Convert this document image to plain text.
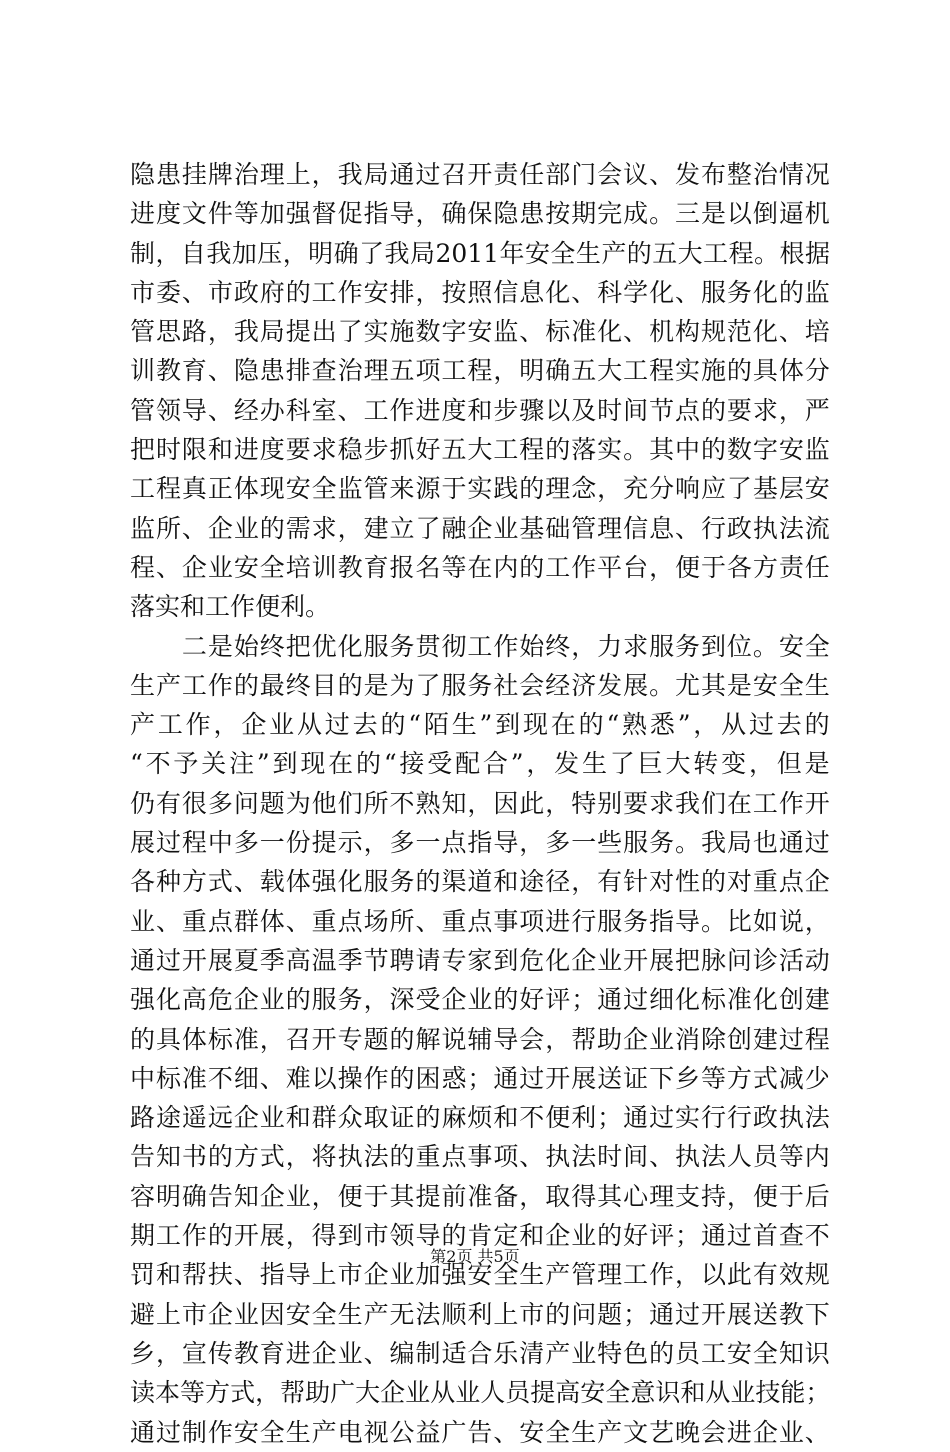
隐 患 挂 牌 治 理 上 ， 我 局 通 过 召 开 责 任 部 门 会 议 、 发 布 整 治 情 况
进 度 文 件 等 加 强 督 促 指 导 ， 确 保 隐 患 按 期 完 成 。 三 是 以 倒 逼 机
制 ， 自 我 加 压 ， 明 确 了 我 局 2011 年 安 全 生 产 的 五 大 工 程 。 根 据
市 委 、 市 政 府 的 工 作 安 排 ， 按 照 信 息 化 、 科 学 化 、 服 务 化 的 监
管 思 路 ， 我 局 提 出 了 实 施 数 字 安 监 、 标 准 化 、 机 构 规 范 化 、 培
训 教 育 、 隐 患 排 查 治 理 五 项 工 程 ， 明 确 五 大 工 程 实 施 的 具 体 分
管 领 导 、 经 办 科 室 、 工 作 进 度 和 步 骤 以 及 时 间 节 点 的 要 求 ， 严
把 时 限 和 进 度 要 求 稳 步 抓 好 五 大 工 程 的 落 实 。 其 中 的 数 字 安 监
工 程 真 正 体 现 安 全 监 管 来 源 于 实 践 的 理 念 ， 充 分 响 应 了 基 层 安
监 所 、 企 业 的 需 求 ， 建 立 了 融 企 业 基 础 管 理 信 息 、 行 政 执 法 流
程 、 企 业 安 全 培 训 教 育 报 名 等 在 内 的 工 作 平 台 ， 便 于 各 方 责 任
落实和工作便利。

二 是 始 终 把 优 化 服 务 贯 彻 工 作 始 终 ， 力 求 服 务 到 位 。 安 全
生 产 工 作 的 最 终 目 的 是 为 了 服 务 社 会 经 济 发 展 。 尤 其 是 安 全 生
产 工 作 ， 企 业 从 过 去 的 “ 陌 生 ” 到 现 在 的 “ 熟 悉 ” ， 从 过 去 的
“ 不 予 关 注 ” 到 现 在 的 “ 接 受 配 合 ” ， 发 生 了 巨 大 转 变 ， 但 是
仍 有 很 多 问 题 为 他 们 所 不 熟 知 ， 因 此 ， 特 别 要 求 我 们 在 工 作 开
展 过 程 中 多 一 份 提 示 ， 多 一 点 指 导 ， 多 一 些 服 务 。 我 局 也 通 过
各 种 方 式 、 载 体 强 化 服 务 的 渠 道 和 途 径 ， 有 针 对 性 的 对 重 点 企
业 、 重 点 群 体 、 重 点 场 所 、 重 点 事 项 进 行 服 务 指 导 。 比 如 说 ，
通 过 开 展 夏 季 高 温 季 节 聘 请 专 家 到 危 化 企 业 开 展 把 脉 问 诊 活 动
强 化 高 危 企 业 的 服 务 ， 深 受 企 业 的 好 评 ； 通 过 细 化 标 准 化 创 建
的 具 体 标 准 ， 召 开 专 题 的 解 说 辅 导 会 ， 帮 助 企 业 消 除 创 建 过 程
中 标 准 不 细 、 难 以 操 作 的 困 惑 ； 通 过 开 展 送 证 下 乡 等 方 式 减 少
路 途 遥 远 企 业 和 群 众 取 证 的 麻 烦 和 不 便 利 ； 通 过 实 行 行 政 执 法
告 知 书 的 方 式 ， 将 执 法 的 重 点 事 项 、 执 法 时 间 、 执 法 人 员 等 内
容 明 确 告 知 企 业 ， 便 于 其 提 前 准 备 ， 取 得 其 心 理 支 持 ， 便 于 后
期 工 作 的 开 展 ， 得 到 市 领 导 的 肯 定 和 企 业 的 好 评 ； 通 过 首 查 不
罚 和 帮 扶 、 指 导 上 市 企 业 加 强 安 全 生 产 管 理 工 作 ， 以 此 有 效 规
避 上 市 企 业 因 安 全 生 产 无 法 顺 利 上 市 的 问 题 ； 通 过 开 展 送 教 下
乡 ， 宣 传 教 育 进 企 业 、 编 制 适 合 乐 清 产 业 特 色 的 员 工 安 全 知 识
读 本 等 方 式 ， 帮 助 广 大 企 业 从 业 人 员 提 高 安 全 意 识 和 从 业 技 能 ；
通 过 制 作 安 全 生 产 电 视 公 益 广 告 、 安 全 生 产 文 艺 晚 会 进 企 业 、
第2页 共5页
